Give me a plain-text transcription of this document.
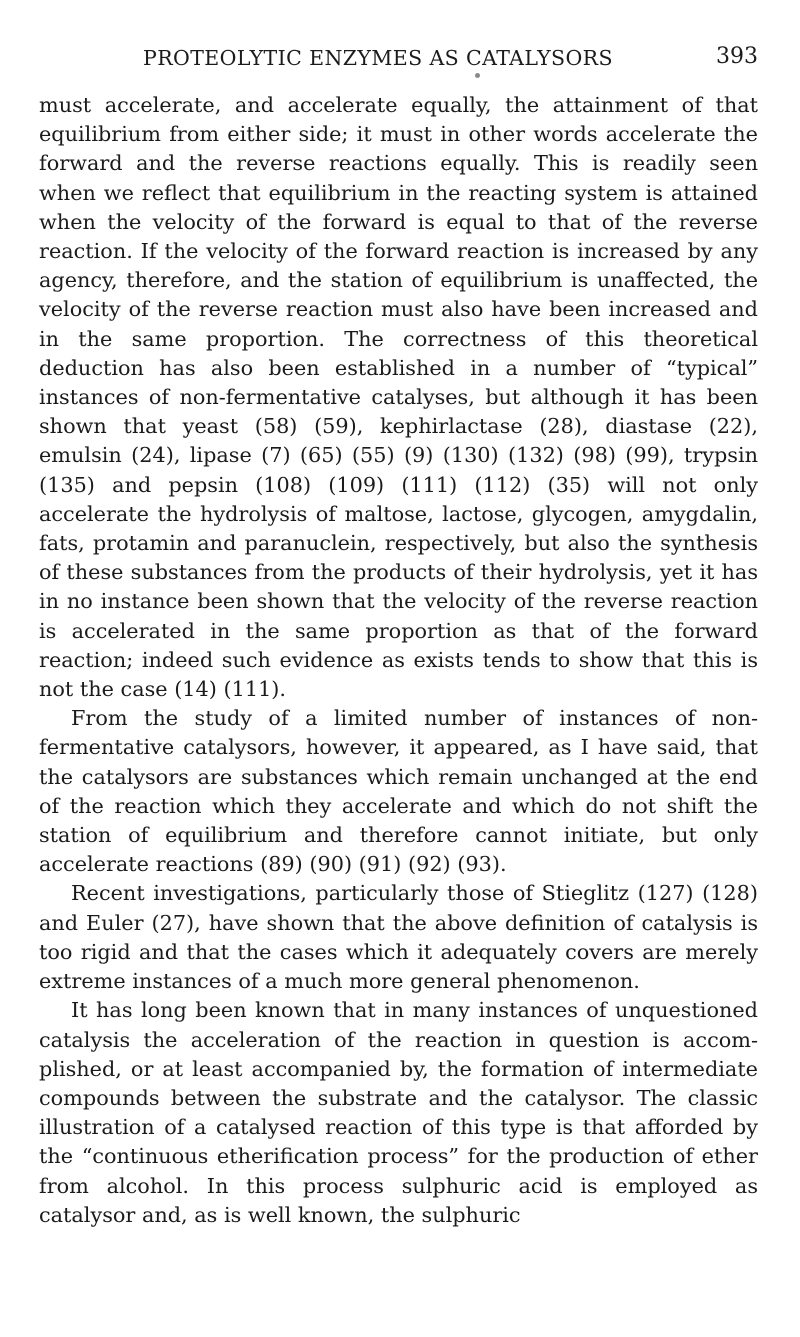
PROTEOLYTIC ENZYMES AS CATALYSORS	393

must accelerate, and accelerate equally, the attainment of that equilibrium from either side; it must in other words accelerate the forward and the reverse reactions equally. This is readily seen when we reflect that equilibrium in the reacting system is attained when the velocity of the forward is equal to that of the reverse reaction. If the velocity of the forward reaction is increased by any agency, therefore, and the station of equilibrium is unaffected, the velocity of the reverse reaction must also have been increased and in the same proportion. The correctness of this theoretical deduction has also been established in a number of “typical” instances of non-fermentative catalyses, but although it has been shown that yeast (58) (59), kephirlactase (28), diastase (22), emulsin (24), lipase (7) (65) (55) (9) (130) (132) (98) (99), trypsin (135) and pepsin (108) (109) (111) (112) (35) will not only accelerate the hydrolysis of maltose, lactose, glycogen, amygdalin, fats, protamin and paranuclein, respectively, but also the synthesis of these substances from the products of their hydrolysis, yet it has in no instance been shown that the velocity of the reverse reaction is accelerated in the same proportion as that of the forward reaction; indeed such evidence as exists tends to show that this is not the case (14) (111).

From the study of a limited number of instances of non-fermentative catalysors, however, it appeared, as I have said, that the catalysors are substances which remain unchanged at the end of the reaction which they accelerate and which do not shift the station of equilibrium and therefore cannot initiate, but only accelerate reactions (89) (90) (91) (92) (93).

Recent investigations, particularly those of Stieglitz (127) (128) and Euler (27), have shown that the above definition of catalysis is too rigid and that the cases which it adequately covers are merely extreme instances of a much more general phenomenon.

It has long been known that in many instances of unquestioned catalysis the acceleration of the reaction in question is accomplished, or at least accompanied by, the formation of intermediate compounds between the substrate and the catalysor. The classic illustration of a catalysed reaction of this type is that afforded by the “continuous etherification process” for the production of ether from alcohol. In this process sulphuric acid is employed as catalysor and, as is well known, the sulphuric
